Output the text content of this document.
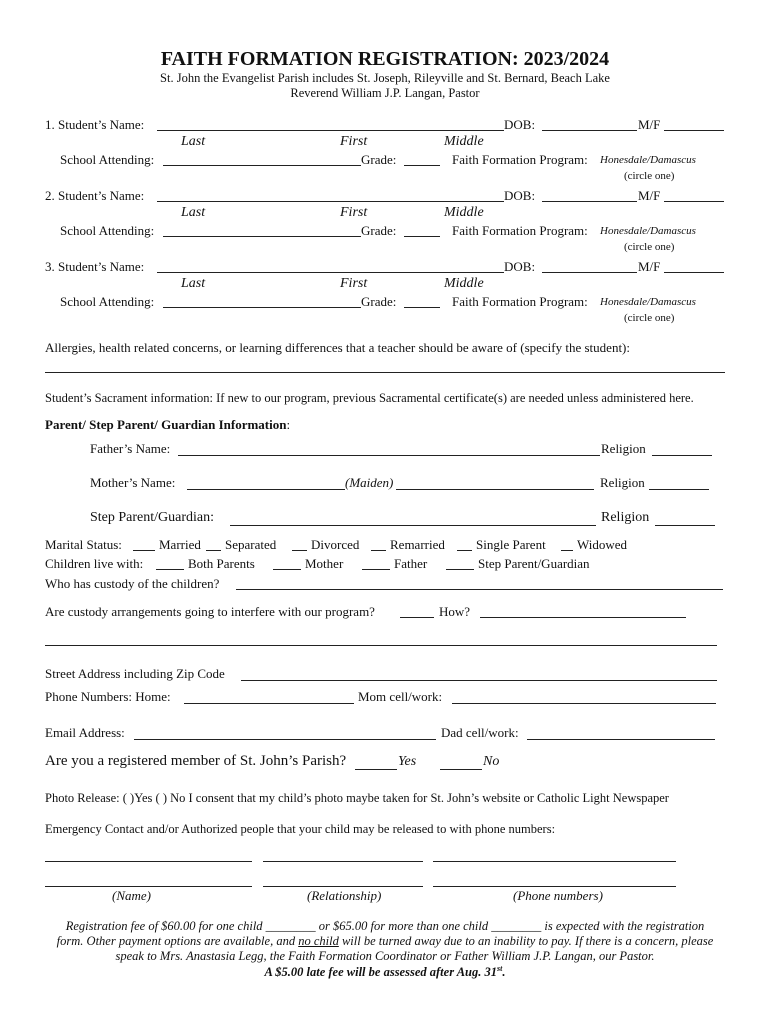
FAITH FORMATION REGISTRATION: 2023/2024
St. John the Evangelist Parish includes St. Joseph, Rileyville and St. Bernard, Beach Lake
Reverend William J.P. Langan, Pastor
1. Student’s Name:	DOB:	M/F
Last	First	Middle
School Attending:	Grade:	Faith Formation Program: Honesdale/Damascus
(circle one)
2. Student’s Name:	DOB:	M/F
Last	First	Middle
School Attending:	Grade:	Faith Formation Program: Honesdale/Damascus
(circle one)
3. Student’s Name:	DOB:	M/F
Last	First	Middle
School Attending:	Grade:	Faith Formation Program: Honesdale/Damascus
(circle one)
Allergies, health related concerns, or learning differences that a teacher should be aware of (specify the student):
Student’s Sacrament information: If new to our program, previous Sacramental certificate(s) are needed unless administered here.
Parent/ Step Parent/ Guardian Information:
Father’s Name:	Religion
Mother’s Name:	(Maiden)	Religion
Step Parent/Guardian:	Religion
Marital Status:	Married Separated	Divorced Remarried Single Parent Widowed
Children live with:	Both Parents	Mother	Father	Step Parent/Guardian
Who has custody of the children?
Are custody arrangements going to interfere with our program?	How?
Street Address including Zip Code
Phone Numbers: Home:	Mom cell/work:
Email Address:	Dad cell/work:
Are you a registered member of St. John’s Parish?	Yes	No
Photo Release: ( )Yes ( ) No I consent that my child’s photo maybe taken for St. John’s website or Catholic Light Newspaper
Emergency Contact and/or Authorized people that your child may be released to with phone numbers:
(Name)	(Relationship)	(Phone numbers)
Registration fee of $60.00 for one child ________ or $65.00 for more than one child ________ is expected with the registration
form. Other payment options are available, and no child will be turned away due to an inability to pay. If there is a concern, please
speak to Mrs. Anastasia Legg, the Faith Formation Coordinator or Father William J.P. Langan, our Pastor.
A $5.00 late fee will be assessed after Aug. 31st.
